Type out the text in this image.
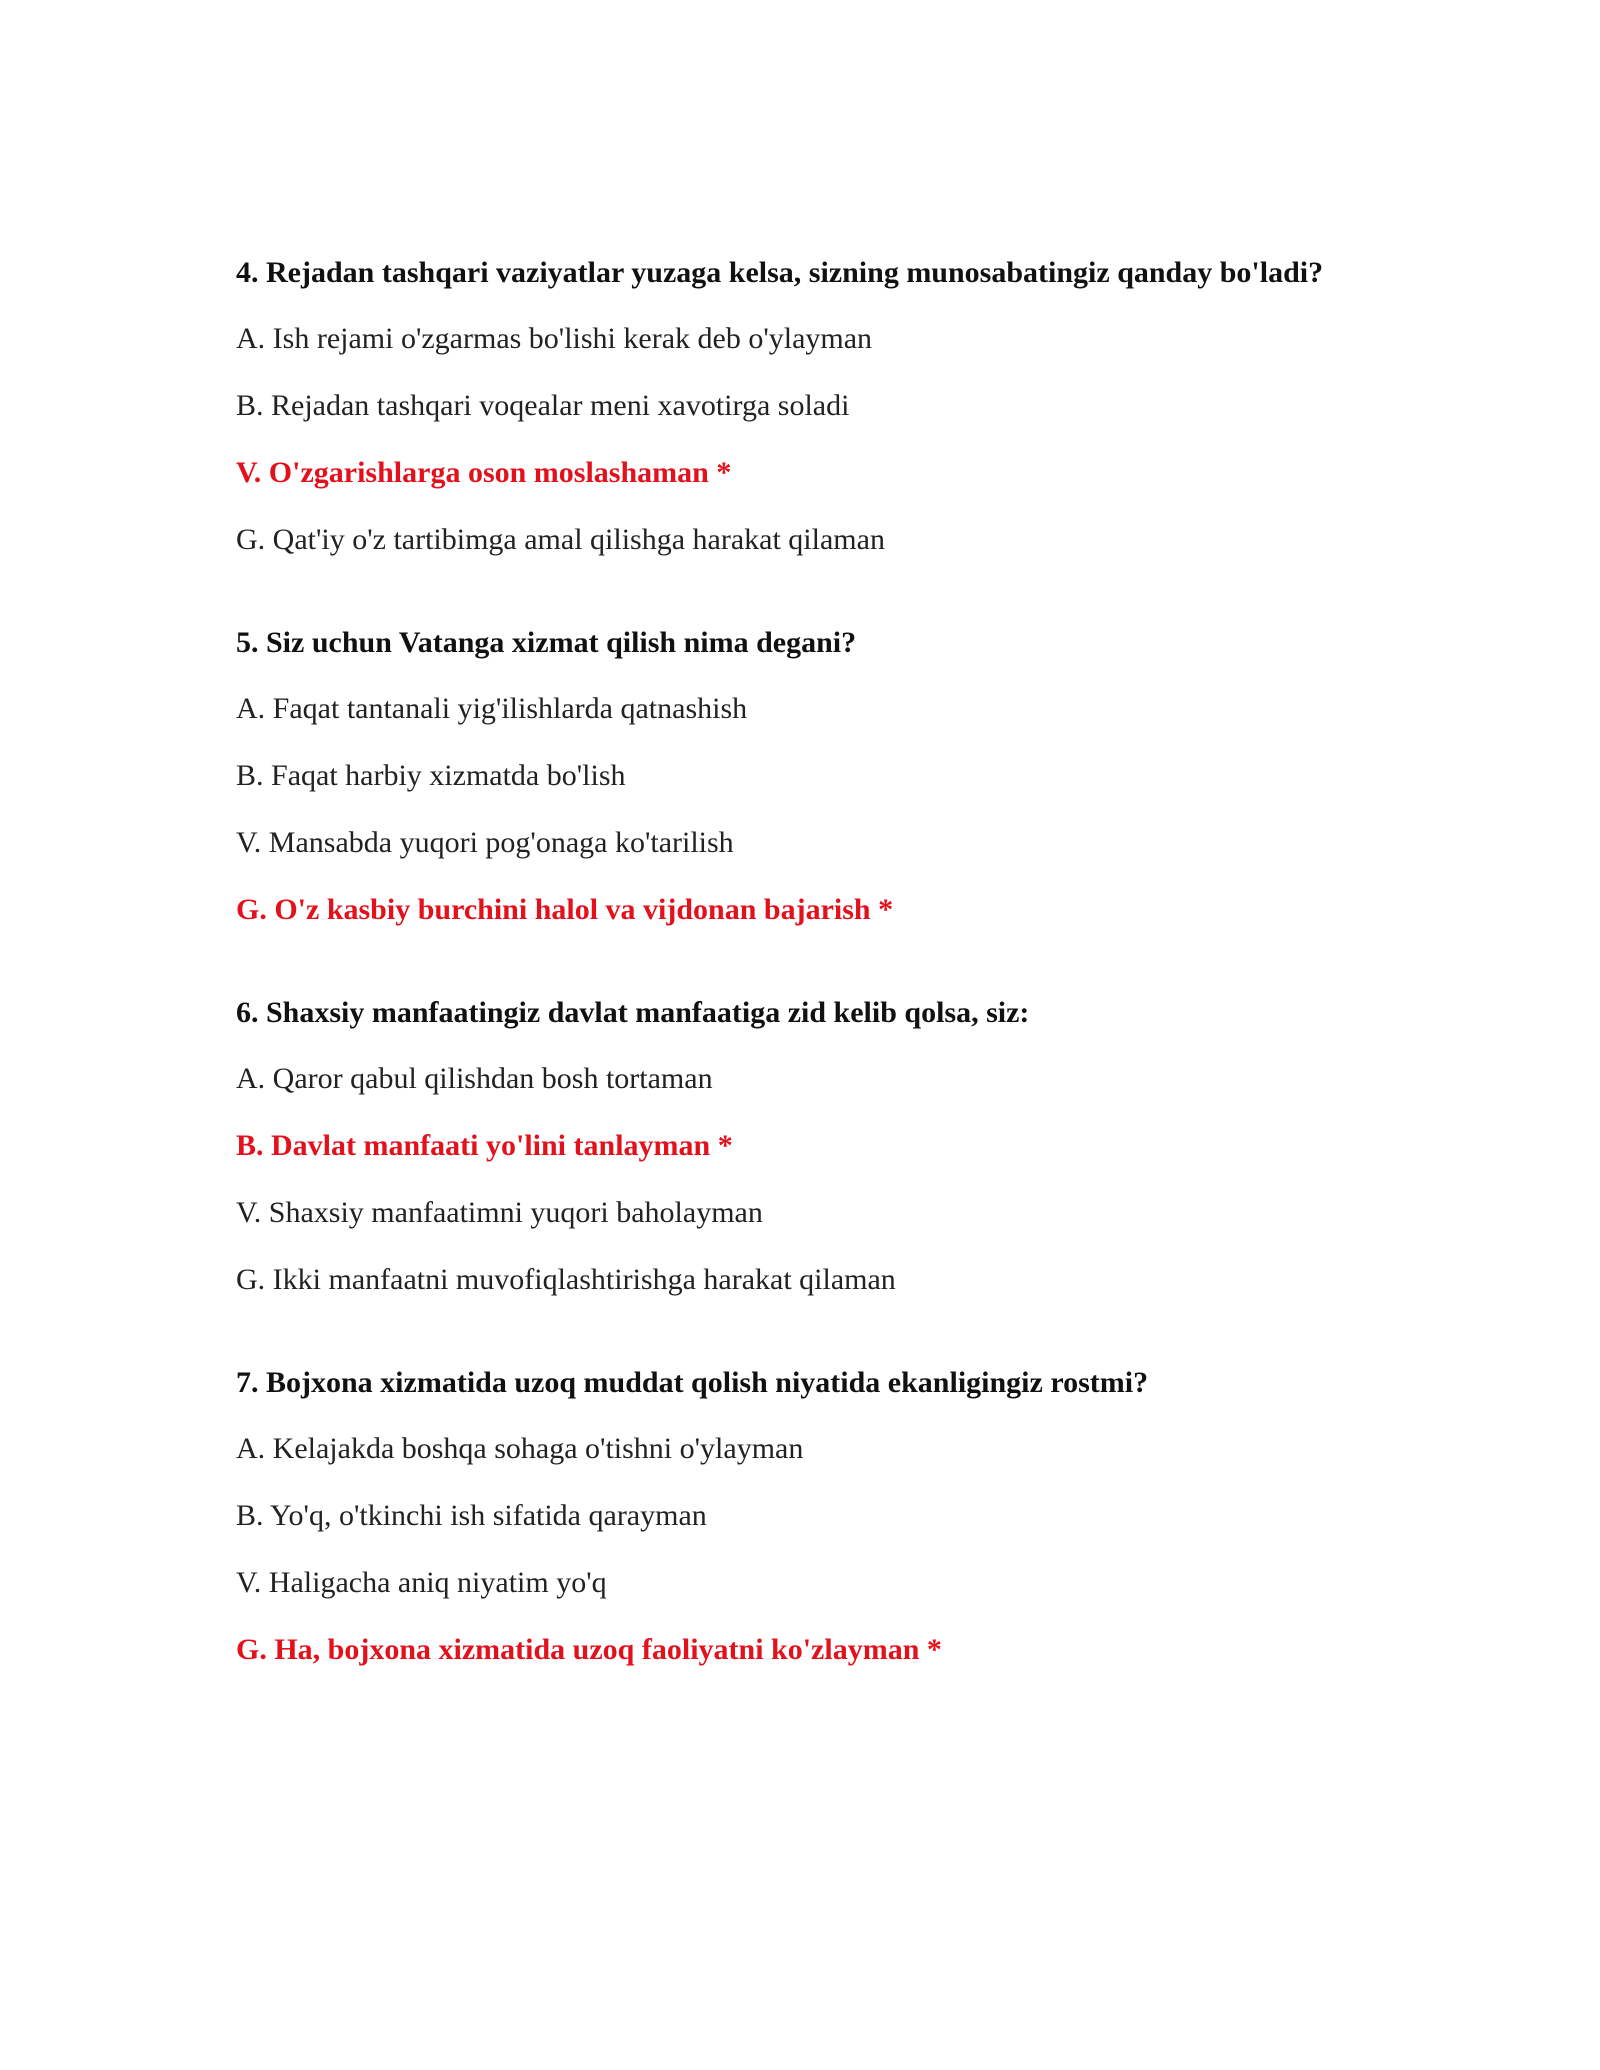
4. Rejadan tashqari vaziyatlar yuzaga kelsa, sizning munosabatingiz qanday bo'ladi?
A. Ish rejami o'zgarmas bo'lishi kerak deb o'ylayman
B. Rejadan tashqari voqealar meni xavotirga soladi
V. O'zgarishlarga oson moslashaman *
G. Qat'iy o'z tartibimga amal qilishga harakat qilaman
5. Siz uchun Vatanga xizmat qilish nima degani?
A. Faqat tantanali yig'ilishlarda qatnashish
B. Faqat harbiy xizmatda bo'lish
V. Mansabda yuqori pog'onaga ko'tarilish
G. O'z kasbiy burchini halol va vijdonan bajarish *
6. Shaxsiy manfaatingiz davlat manfaatiga zid kelib qolsa, siz:
A. Qaror qabul qilishdan bosh tortaman
B. Davlat manfaati yo'lini tanlayman *
V. Shaxsiy manfaatimni yuqori baholayman
G. Ikki manfaatni muvofiqlashtirishga harakat qilaman
7. Bojxona xizmatida uzoq muddat qolish niyatida ekanligingiz rostmi?
A. Kelajakda boshqa sohaga o'tishni o'ylayman
B. Yo'q, o'tkinchi ish sifatida qarayman
V. Haligacha aniq niyatim yo'q
G. Ha, bojxona xizmatida uzoq faoliyatni ko'zlayman *
